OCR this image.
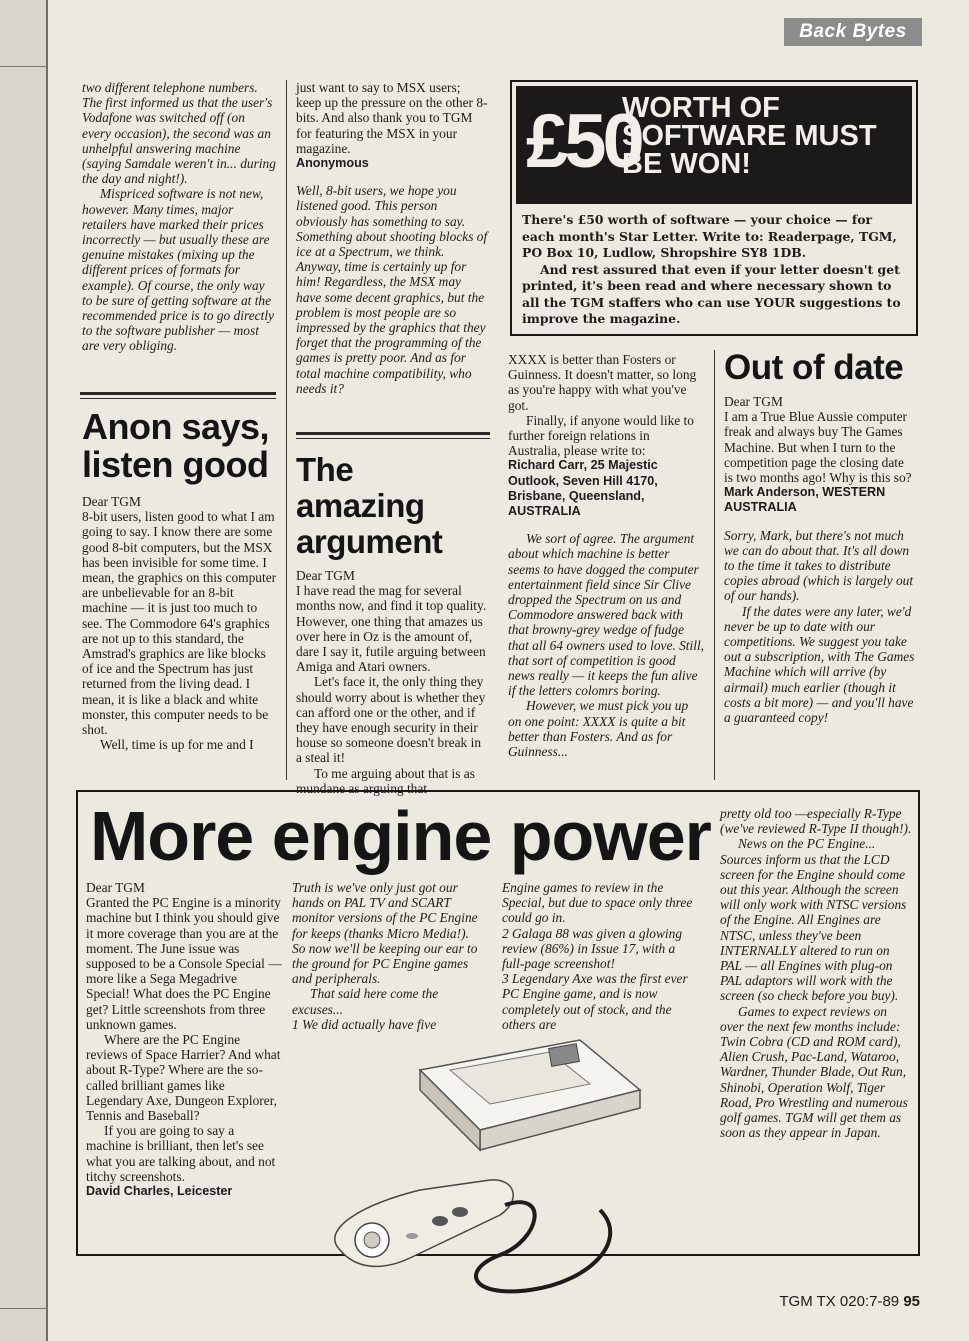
Back Bytes

two different telephone numbers. The first informed us that the user's Vodafone was switched off (on every occasion), the second was an unhelpful answering machine (saying Samdale weren't in... during the day and night!).

Mispriced software is not new, however. Many times, major retailers have marked their prices incorrectly — but usually these are genuine mistakes (mixing up the different prices of formats for example). Of course, the only way to be sure of getting software at the recommended price is to go directly to the software publisher — most are very obliging.

Anon says, listen good

Dear TGM

8-bit users, listen good to what I am going to say. I know there are some good 8-bit computers, but the MSX has been invisible for some time. I mean, the graphics on this computer are unbelievable for an 8-bit machine — it is just too much to see. The Commodore 64's graphics are not up to this standard, the Amstrad's graphics are like blocks of ice and the Spectrum has just returned from the living dead. I mean, it is like a black and white monster, this computer needs to be shot.

Well, time is up for me and I

just want to say to MSX users; keep up the pressure on the other 8-bits. And also thank you to TGM for featuring the MSX in your magazine.

Anonymous

Well, 8-bit users, we hope you listened good. This person obviously has something to say. Something about shooting blocks of ice at a Spectrum, we think. Anyway, time is certainly up for him! Regardless, the MSX may have some decent graphics, but the problem is most people are so impressed by the graphics that they forget that the programming of the games is pretty poor. And as for total machine compatibility, who needs it?

The amazing argument

Dear TGM

I have read the mag for several months now, and find it top quality. However, one thing that amazes us over here in Oz is the amount of, dare I say it, futile arguing between Amiga and Atari owners.

Let's face it, the only thing they should worry about is whether they can afford one or the other, and if they have enough security in their house so someone doesn't break in a steal it!

To me arguing about that is as mundane as arguing that

£50
WORTH OF SOFTWARE MUST BE WON!

There's £50 worth of software — your choice — for each month's Star Letter. Write to: Readerpage, TGM, PO Box 10, Ludlow, Shropshire SY8 1DB.

And rest assured that even if your letter doesn't get printed, it's been read and where necessary shown to all the TGM staffers who can use YOUR suggestions to improve the magazine.

XXXX is better than Fosters or Guinness. It doesn't matter, so long as you're happy with what you've got.

Finally, if anyone would like to further foreign relations in Australia, please write to:

Richard Carr, 25 Majestic Outlook, Seven Hill 4170, Brisbane, Queensland, AUSTRALIA

We sort of agree. The argument about which machine is better seems to have dogged the computer entertainment field since Sir Clive dropped the Spectrum on us and Commodore answered back with that browny-grey wedge of fudge that all 64 owners used to love. Still, that sort of competition is good news really — it keeps the fun alive if the letters colomrs boring.

However, we must pick you up on one point: XXXX is quite a bit better than Fosters. And as for Guinness...

Out of date

Dear TGM

I am a True Blue Aussie computer freak and always buy The Games Machine. But when I turn to the competition page the closing date is two months ago! Why is this so?

Mark Anderson, WESTERN AUSTRALIA

Sorry, Mark, but there's not much we can do about that. It's all down to the time it takes to distribute copies abroad (which is largely out of our hands).

If the dates were any later, we'd never be up to date with our competitions. We suggest you take out a subscription, with The Games Machine which will arrive (by airmail) much earlier (though it costs a bit more) — and you'll have a guaranteed copy!

More engine power

Dear TGM

Granted the PC Engine is a minority machine but I think you should give it more coverage than you are at the moment. The June issue was supposed to be a Console Special — more like a Sega Megadrive Special! What does the PC Engine get? Little screenshots from three unknown games.

Where are the PC Engine reviews of Space Harrier? And what about R-Type? Where are the so-called brilliant games like Legendary Axe, Dungeon Explorer, Tennis and Baseball?

If you are going to say a machine is brilliant, then let's see what you are talking about, and not titchy screenshots.

David Charles, Leicester

Truth is we've only just got our hands on PAL TV and SCART monitor versions of the PC Engine for keeps (thanks Micro Media!). So now we'll be keeping our ear to the ground for PC Engine games and peripherals.

That said here come the excuses...

1 We did actually have five

Engine games to review in the Special, but due to space only three could go in.

2 Galaga 88 was given a glowing review (86%) in Issue 17, with a full-page screenshot!

3 Legendary Axe was the first ever PC Engine game, and is now completely out of stock, and the others are

pretty old too —especially R-Type (we've reviewed R-Type II though!).

News on the PC Engine... Sources inform us that the LCD screen for the Engine should come out this year. Although the screen will only work with NTSC versions of the Engine. All Engines are NTSC, unless they've been INTERNALLY altered to run on PAL — all Engines with plug-on PAL adaptors will work with the screen (so check before you buy).

Games to expect reviews on over the next few months include: Twin Cobra (CD and ROM card), Alien Crush, Pac-Land, Wataroo, Wardner, Thunder Blade, Out Run, Shinobi, Operation Wolf, Tiger Road, Pro Wrestling and numerous golf games. TGM will get them as soon as they appear in Japan.

TGM TX 020:7-89 95
